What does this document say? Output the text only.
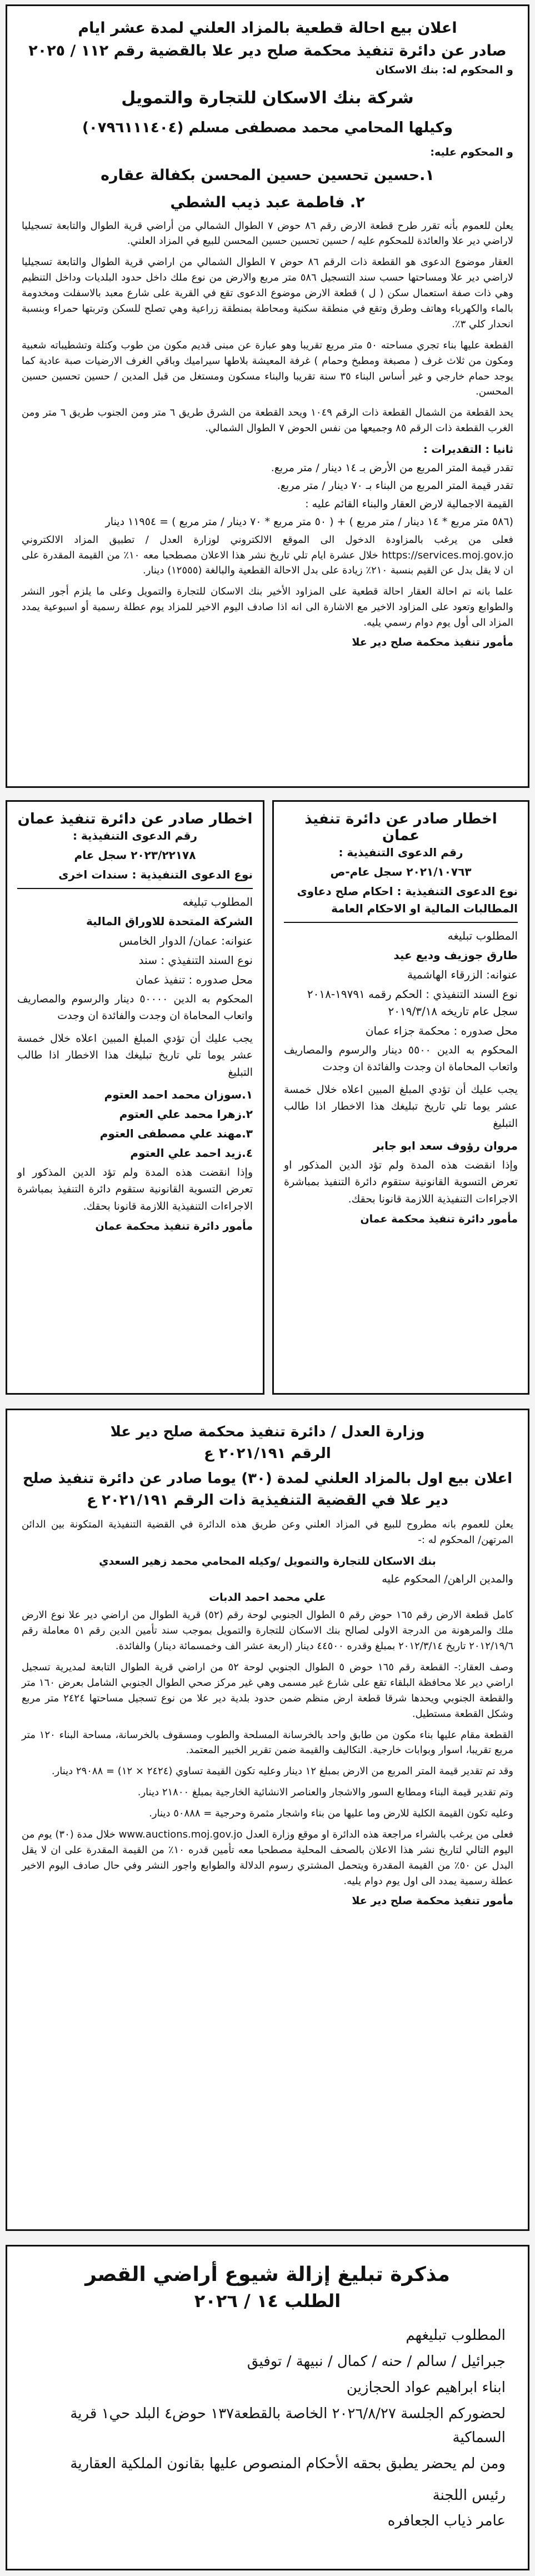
اعلان بيع احالة قطعية بالمزاد العلني لمدة عشر ايام
صادر عن دائرة تنفيذ محكمة صلح دير علا بالقضية رقم ١١٢ / ٢٠٢٥
و المحكوم له: بنك الاسكان
شركة بنك الاسكان للتجارة والتمويل
وكيلها المحامي محمد مصطفى مسلم (٠٧٩٦١١١٤٠٤)
و المحكوم عليه:
١.حسين تحسين حسين المحسن بكفالة عقاره
٢. فاطمة عبد ذيب الشطي

يعلن للعموم بأنه تقرر طرح قطعة الارض رقم ٨٦ حوض ٧ الطوال الشمالي من أراضي قرية الطوال والتابعة تسجيليا لاراضي دير علا والعائدة للمحكوم عليه / حسين تحسين حسين المحسن للبيع في المزاد العلني.

العقار موضوع الدعوى هو القطعة ذات الرقم ٨٦ حوض ٧ الطوال الشمالي من اراضي قرية الطوال والتابعة تسجيليا لاراضي دير علا ومساحتها حسب سند التسجيل ٥٨٦ متر مربع والارض من نوع ملك داخل حدود البلديات وداخل التنظيم وهي ذات صفة استعمال سكن ( ل ) قطعة الارض موضوع الدعوى تقع في القرية على شارع معبد بالاسفلت ومخدومة بالماء والكهرباء وهاتف وطرق وتقع في منطقة سكنية ومحاطة بمنطقة زراعية وهي تصلح للسكن وتربتها حمراء وبنسبة انحدار كلي ٣٪.

القطعة عليها بناء تجري مساحته ٥٠ متر مربع تقريبا وهو عبارة عن مبنى قديم مكون من طوب وكتلة وتشطيباته شعبية ومكون من ثلاث غرف ( مصبغة ومطبخ وحمام ) غرفة المعيشة بلاطها سيراميك وباقي الغرف الارضيات صبة عادية كما يوجد حمام خارجي و غير أساس البناء ٣٥ سنة تقريبا والبناء مسكون ومستغل من قبل المدين / حسين تحسين حسين المحسن.

يحد القطعة من الشمال القطعة ذات الرقم ١٠٤٩ ويحد القطعة من الشرق طريق ٦ متر ومن الجنوب طريق ٦ متر ومن الغرب القطعة ذات الرقم ٨٥ وجميعها من نفس الحوض ٧ الطوال الشمالي.

ثانيا : التقديرات :
تقدر قيمة المتر المربع من الأرض بـ ١٤ دينار / متر مربع.
تقدر قيمة المتر المربع من البناء بـ ٧٠ دينار / متر مربع.
القيمة الاجمالية لارض العقار والبناء القائم عليه :
(٥٨٦ متر مربع * ١٤ دينار / متر مربع ) + ( ٥٠ متر مربع * ٧٠ دينار / متر مربع ) = ١١٩٥٤ دينار

فعلى من يرغب بالمزاودة الدخول الى الموقع الالكتروني لوزارة العدل / تطبيق المزاد الالكتروني https://services.moj.gov.jo خلال عشرة ايام تلي تاريخ نشر هذا الاعلان مصطحبا معه ١٠٪ من القيمة المقدرة على ان لا يقل بدل عن القيم بنسبة ٢١٠٪ زيادة على بدل الاحالة القطعية والبالغة (١٢٥٥٥) دينار.

علما بانه تم احالة العقار احالة قطعية على المزاود الأخير بنك الاسكان للتجارة والتمويل وعلى ما يلزم أجور النشر والطوابع وتعود على المزاود الاخير مع الاشارة الى انه اذا صادف اليوم الاخير للمزاد يوم عطلة رسمية أو اسبوعية يمدد المزاد الى أول يوم دوام رسمي يليه.

مأمور تنفيذ محكمة صلح دير علا
اخطار صادر عن دائرة تنفيذ عمان
رقم الدعوى التنفيذية :
٢٠٢١/١٠٧٦٣ سجل عام-ص
نوع الدعوى التنفيذية : احكام صلح دعاوى المطالبات المالية او الاحكام العامة
المطلوب تبليغه
طارق جوزيف وديع عيد
عنوانه: الزرقاء الهاشمية
نوع السند التنفيذي : الحكم رقمه ١٩٧٩١-٢٠١٨ سجل عام تاريخه ٢٠١٩/٣/١٨
محل صدوره : محكمة جزاء عمان

المحكوم به الدين ٥٥٠٠ دينار والرسوم والمصاريف واتعاب المحاماة ان وجدت والفائدة ان وجدت

يجب عليك أن تؤدي المبلغ المبين اعلاه خلال خمسة عشر يوما تلي تاريخ تبليغك هذا الاخطار اذا طالب التبليغ

مروان رؤوف سعد ابو جابر

وإذا انقضت هذه المدة ولم تؤد الدين المذكور او تعرض التسوية القانونية ستقوم دائرة التنفيذ بمباشرة الاجراءات التنفيذية اللازمة قانونا بحقك.

مأمور دائرة تنفيذ محكمة عمان
اخطار صادر عن دائرة تنفيذ عمان
رقم الدعوى التنفيذية :
٢٠٢٣/٢٢١٧٨ سجل عام
نوع الدعوى التنفيذية : سندات اخرى
المطلوب تبليغه
الشركة المتحدة للاوراق المالية
عنوانه: عمان/ الدوار الخامس
نوع السند التنفيذي : سند
محل صدوره : تنفيذ عمان

المحكوم به الدين ٥٠٠٠٠ دينار والرسوم والمصاريف واتعاب المحاماة ان وجدت والفائدة ان وجدت

يجب عليك أن تؤدي المبلغ المبين اعلاه خلال خمسة عشر يوما تلي تاريخ تبليغك هذا الاخطار اذا طالب التبليغ

١.سوزان محمد احمد العتوم
٢.زهرا محمد علي العتوم
٣.مهند علي مصطفى العتوم
٤.زيد احمد علي العتوم

وإذا انقضت هذه المدة ولم تؤد الدين المذكور او تعرض التسوية القانونية ستقوم دائرة التنفيذ بمباشرة الاجراءات التنفيذية اللازمة قانونا بحقك.

مأمور دائرة تنفيذ محكمة عمان
وزارة العدل / دائرة تنفيذ محكمة صلح دير علا
الرقم ٢٠٢١/١٩١ ع
اعلان بيع اول بالمزاد العلني لمدة (٣٠) يوما صادر عن دائرة تنفيذ صلح دير علا في القضية التنفيذية ذات الرقم ٢٠٢١/١٩١ ع

يعلن للعموم بانه مطروح للبيع في المزاد العلني وعن طريق هذه الدائرة في القضية التنفيذية المتكونة بين الدائن المرتهن/ المحكوم له :-

بنك الاسكان للتجارة والتمويل /وكيله المحامي محمد زهير السعدي
والمدين الراهن/ المحكوم عليه
علي محمد احمد الدبات

كامل قطعة الارض رقم ١٦٥ حوض رقم ٥ الطوال الجنوبي لوحة رقم (٥٢) قرية الطوال من اراضي دير علا نوع الارض ملك والمرهونة من الدرجة الاولى لصالح بنك الاسكان للتجارة والتمويل بموجب سند تأمين الدين رقم ٥١ معاملة رقم ٢٠١٢/١٩/٦ تاريخ ٢٠١٢/٣/١٤ بمبلغ وقدره ٤٤٥٠٠ دينار (اربعة عشر الف وخمسمائة دينار) والفائدة.

وصف العقار:- القطعة رقم ١٦٥ حوض ٥ الطوال الجنوبي لوحة ٥٢ من اراضي قرية الطوال التابعة لمديرية تسجيل اراضي دير علا محافظة البلقاء تقع على شارع غير مسمى وهي غير مركز صحي الطوال الجنوبي الشامل بعرض ١٦٠ متر والقطعة الجنوبي ويحدها شرقا قطعة ارض منظم ضمن حدود بلدية دير علا من نوع تسجيل مساحتها ٢٤٢٤ متر مربع وشكل القطعة مستطيل.

القطعة مقام عليها بناء مكون من طابق واحد بالخرسانة المسلحة والطوب ومسقوف بالخرسانة، مساحة البناء ١٢٠ متر مربع تقريبا، اسوار وبوابات خارجية. التكاليف والقيمة ضمن تقرير الخبير المعتمد.

وقد تم تقدير قيمة المتر المربع من الارض بمبلغ ١٢ دينار وعليه تكون القيمة تساوي (٢٤٢٤ × ١٢) = ٢٩٠٨٨ دينار.

وتم تقدير قيمة البناء ومطابع السور والاشجار والعناصر الانشائية الخارجية بمبلغ ٢١٨٠٠ دينار.

وعليه تكون القيمة الكلية للارض وما عليها من بناء واشجار مثمرة وحرجية = ٥٠٨٨٨ دينار.

فعلى من يرغب بالشراء مراجعة هذه الدائرة او موقع وزارة العدل www.auctions.moj.gov.jo خلال مدة (٣٠) يوم من اليوم التالي لتاريخ نشر هذا الاعلان بالصحف المحلية مصطحبا معه تأمين قدره ١٠٪ من القيمة المقدرة على ان لا يقل البدل عن ٥٠٪ من القيمة المقدرة ويتحمل المشتري رسوم الدلالة والطوابع واجور النشر وفي حال صادف اليوم الاخير عطلة رسمية يمدد الى اول يوم دوام يليه.

مأمور تنفيذ محكمة صلح دير علا
مذكرة تبليغ إزالة شيوع أراضي القصر
الطلب ١٤ / ٢٠٢٦
المطلوب تبليغهم
جبرائيل / سالم / حنه / كمال / نبيهة / توفيق
ابناء ابراهيم عواد الحجازين
لحضوركم الجلسة ٢٠٢٦/٨/٢٧ الخاصة بالقطعة١٣٧ حوض٤ البلد حي١ قرية السماكية
ومن لم يحضر يطبق بحقه الأحكام المنصوص عليها بقانون الملكية العقارية
رئيس اللجنة
عامر ذياب الجعافره
